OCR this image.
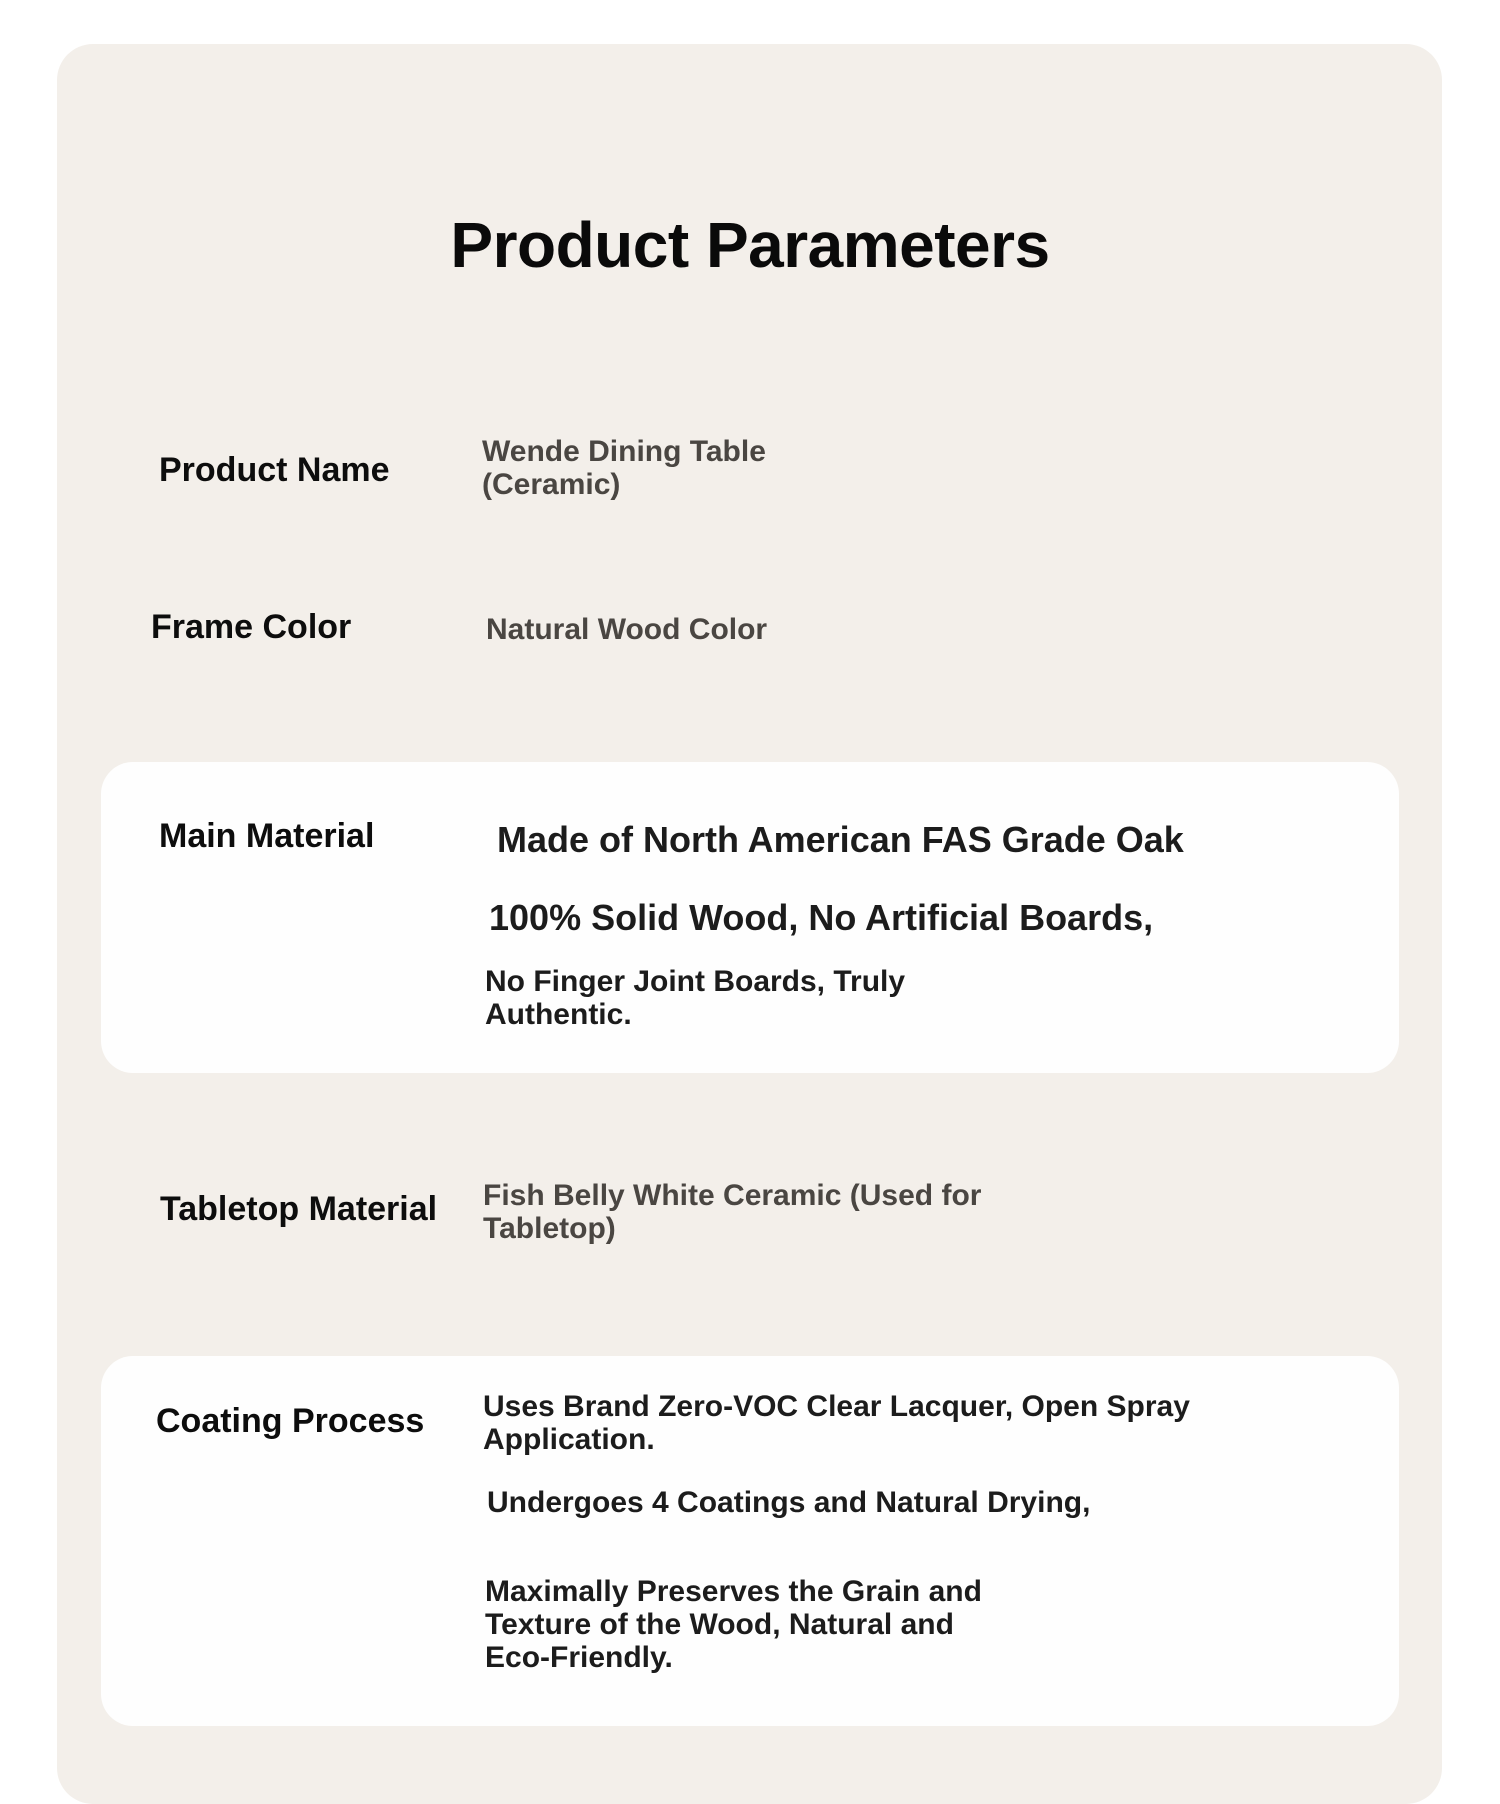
Product Parameters
Product Name	Wende Dining Table
(Ceramic)
Frame Color	Natural Wood Color
Main Material	Made of North American FAS Grade Oak
100% Solid Wood, No Artificial Boards,
No Finger Joint Boards, Truly
Authentic.
Tabletop Material Fish Belly White Ceramic (Used for
Tabletop)
Coating Process Uses Brand Zero-VOC Clear Lacquer, Open Spray
Application.
Undergoes 4 Coatings and Natural Drying,
Maximally Preserves the Grain and
Texture of the Wood, Natural and
Eco-Friendly.
